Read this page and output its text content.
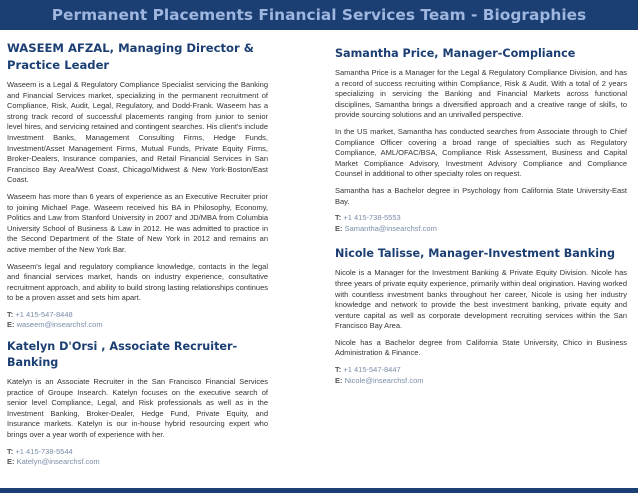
Permanent Placements Financial Services Team - Biographies
WASEEM AFZAL, Managing Director & Practice Leader

Waseem is a Legal & Regulatory Compliance Specialist servicing the Banking and Financial Services market, specializing in the permanent recruitment of Compliance, Risk, Audit, Legal, Regulatory, and Dodd-Frank. Waseem has a strong track record of successful placements ranging from junior to senior level hires, and servicing retained and contingent searches. His client's include Investment Banks, Management Consulting Firms, Hedge Funds, Investment/Asset Management Firms, Mutual Funds, Private Equity Firms, Broker-Dealers, Insurance companies, and Retail Financial Services in San Francisco Bay Area/West Coast, Chicago/Midwest & New York-Boston/East Coast.

Waseem has more than 6 years of experience as an Executive Recruiter prior to joining Michael Page. Waseem received his BA in Philosophy, Economy, Politics and Law from Stanford University in 2007 and JD/MBA from Columbia University School of Business & Law in 2012. He was admitted to practice in the Second Department of the State of New York in 2012 and remains an active member of the New York Bar.

Waseem's legal and regulatory compliance knowledge, contacts in the legal and financial services market, hands on industry experience, consultative recruitment approach, and ability to build strong lasting relationships continues to be a proven asset and sets him apart.

T: +1 415-547-8448
E: waseem@insearchsf.com
Katelyn D'Orsi , Associate Recruiter-Banking

Katelyn is an Associate Recruiter in the San Francisco Financial Services practice of Groupe Insearch. Katelyn focuses on the executive search of senior level Compliance, Legal, and Risk professionals as well as in the Investment Banking, Broker-Dealer, Hedge Fund, Private Equity, and Insurance markets. Katelyn is our in-house hybrid resourcing expert who brings over a year worth of experience with her.

T: +1 415-738-5544
E: Katelyn@insearchsf.com
Samantha Price, Manager-Compliance

Samantha Price is a Manager for the Legal & Regulatory Compliance Division, and has a record of success recruiting within Compliance, Risk & Audit. With a total of 2 years specializing in servicing the Banking and Financial Markets across functional disciplines, Samantha brings a diversified approach and a creative range of skills, to provide sourcing solutions and an unrivalled perspective.

In the US market, Samantha has conducted searches from Associate through to Chief Compliance Officer covering a broad range of specialties such as Regulatory Compliance, AML/OFAC/BSA, Compliance Risk Assessment, Business and Capital Market Compliance Advisory, Investment Advisory Compliance and Compliance Counsel in additional to other specialty roles on request.

Samantha has a Bachelor degree in Psychology from California State University-East Bay.

T: +1 415-738-5553
E: Samantha@insearchsf.com
Nicole Talisse, Manager-Investment Banking

Nicole is a Manager for the Investment Banking & Private Equity Division. Nicole has three years of private equity experience, primarily within deal origination. Having worked with countless investment banks throughout her career, Nicole is using her industry knowledge and network to provide the best investment banking, private equity and venture capital as well as corporate development recruiting services within the San Francisco Bay Area.

Nicole has a Bachelor degree from California State University, Chico in Business Administration & Finance.

T: +1 415-547-8447
E: Nicole@insearchsf.com
